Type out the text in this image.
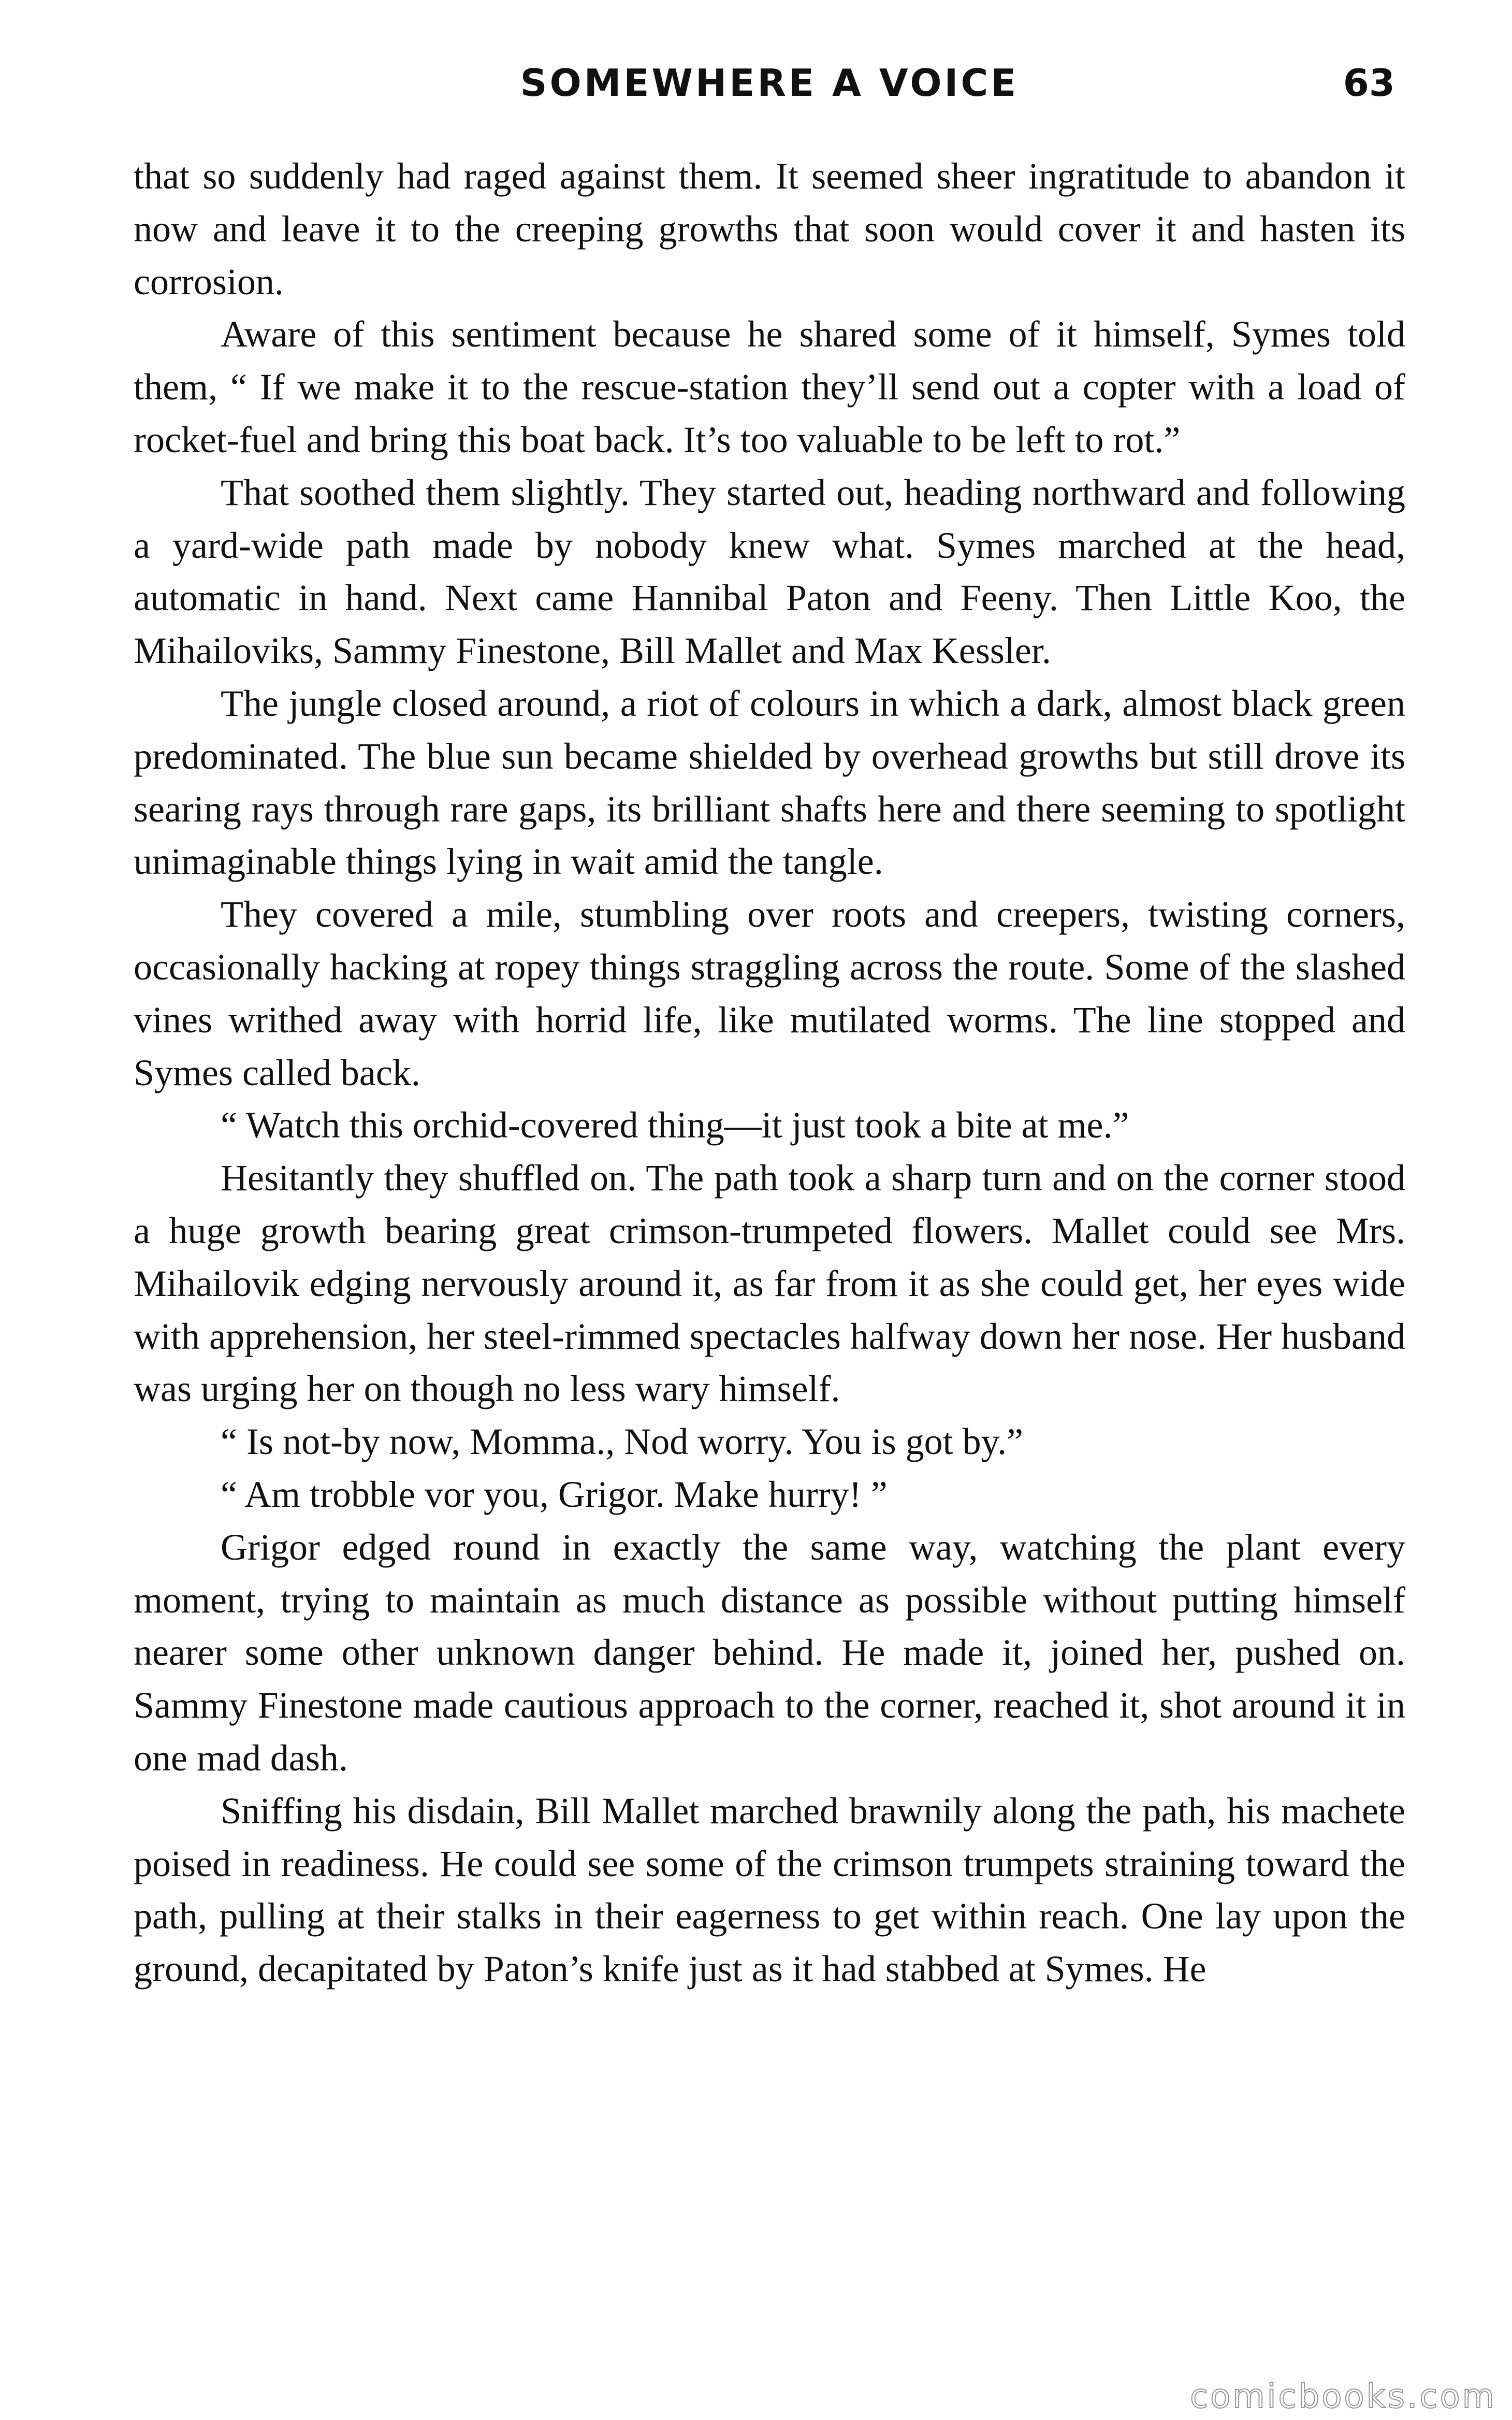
SOMEWHERE A VOICE	63

that so suddenly had raged against them. It seemed sheer ingratitude to abandon it now and leave it to the creeping growths that soon would cover it and hasten its corrosion.

Aware of this sentiment because he shared some of it himself, Symes told them, “ If we make it to the rescue-station they’ll send out a copter with a load of rocket-fuel and bring this boat back. It’s too valuable to be left to rot.”

That soothed them slightly. They started out, heading northward and following a yard-wide path made by nobody knew what. Symes marched at the head, automatic in hand. Next came Hannibal Paton and Feeny. Then Little Koo, the Mihailoviks, Sammy Finestone, Bill Mallet and Max Kessler.

The jungle closed around, a riot of colours in which a dark, almost black green predominated. The blue sun became shielded by overhead growths but still drove its searing rays through rare gaps, its brilliant shafts here and there seeming to spotlight unimaginable things lying in wait amid the tangle.

They covered a mile, stumbling over roots and creepers, twisting corners, occasionally hacking at ropey things straggling across the route. Some of the slashed vines writhed away with horrid life, like mutilated worms. The line stopped and Symes called back.

“ Watch this orchid-covered thing—it just took a bite at me.”

Hesitantly they shuffled on. The path took a sharp turn and on the corner stood a huge growth bearing great crimson-trumpeted flowers. Mallet could see Mrs. Mihailovik edging nervously around it, as far from it as she could get, her eyes wide with apprehension, her steel-rimmed spectacles halfway down her nose. Her husband was urging her on though no less wary himself.

“ Is not-by now, Momma., Nod worry. You is got by.”

“ Am trobble vor you, Grigor. Make hurry! ”

Grigor edged round in exactly the same way, watching the plant every moment, trying to maintain as much distance as possible without putting himself nearer some other unknown danger behind. He made it, joined her, pushed on. Sammy Finestone made cautious approach to the corner, reached it, shot around it in one mad dash.

Sniffing his disdain, Bill Mallet marched brawnily along the path, his machete poised in readiness. He could see some of the crimson trumpets straining toward the path, pulling at their stalks in their eagerness to get within reach. One lay upon the ground, decapitated by Paton’s knife just as it had stabbed at Symes. He

comicbooks.com
